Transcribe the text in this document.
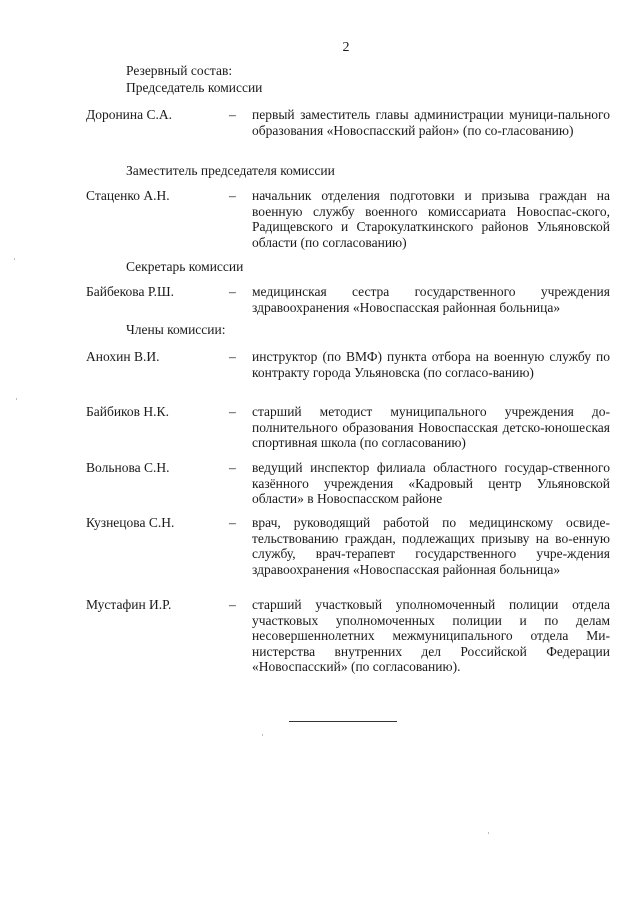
2
Резервный состав:
Председатель комиссии
Доронина С.А.	– первый заместитель главы администрации муници-пального образования «Новоспасский район» (по со-гласованию)
Заместитель председателя комиссии
Стаценко А.Н.	– начальник отделения подготовки и призыва граждан на военную службу военного комиссариата Новоспас-ского, Радищевского и Старокулаткинского районов Ульяновской области (по согласованию)
Секретарь комиссии
Байбекова Р.Ш.	– медицинская сестра государственного учреждения здравоохранения «Новоспасская районная больница»
Члены комиссии:
Анохин В.И.	– инструктор (по ВМФ) пункта отбора на военную службу по контракту города Ульяновска (по согласо-ванию)
Байбиков Н.К.	– старший методист муниципального учреждения до-полнительного образования Новоспасская детско-юношеская спортивная школа (по согласованию)
Вольнова С.Н.	– ведущий инспектор филиала областного государ-ственного казённого учреждения «Кадровый центр Ульяновской области» в Новоспасском районе
Кузнецова С.Н.	– врач, руководящий работой по медицинскому освиде-тельствованию граждан, подлежащих призыву на во-енную службу, врач-терапевт государственного учре-ждения здравоохранения «Новоспасская районная больница»
Мустафин И.Р.	– старший участковый уполномоченный полиции отдела участковых уполномоченных полиции и по делам несовершеннолетних межмуниципального отдела Ми-нистерства внутренних дел Российской Федерации «Новоспасский» (по согласованию).
